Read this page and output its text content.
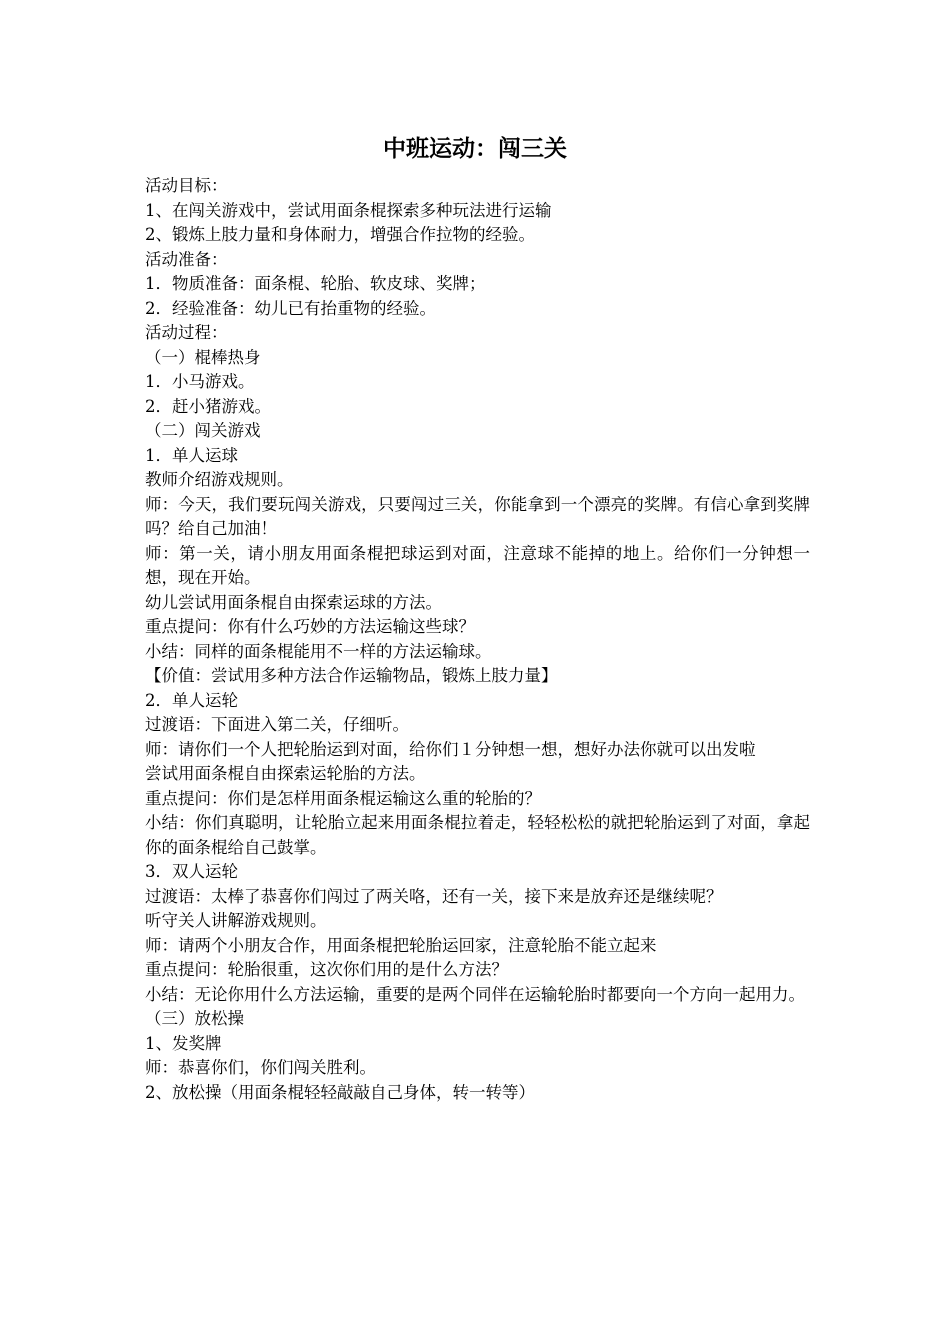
中班运动：闯三关

活动目标：

1、在闯关游戏中，尝试用面条棍探索多种玩法进行运输

2、锻炼上肢力量和身体耐力，增强合作拉物的经验。

活动准备：

1．物质准备：面条棍、轮胎、软皮球、奖牌；

2．经验准备：幼儿已有抬重物的经验。

活动过程：

（一）棍棒热身

1．小马游戏。

2．赶小猪游戏。

（二）闯关游戏

1．单人运球

教师介绍游戏规则。

师：今天，我们要玩闯关游戏，只要闯过三关，你能拿到一个漂亮的奖牌。有信心拿到奖牌吗？给自己加油！

师：第一关，请小朋友用面条棍把球运到对面，注意球不能掉的地上。给你们一分钟想一想，现在开始。

幼儿尝试用面条棍自由探索运球的方法。

重点提问：你有什么巧妙的方法运输这些球？

小结：同样的面条棍能用不一样的方法运输球。

【价值：尝试用多种方法合作运输物品，锻炼上肢力量】

2．单人运轮

过渡语：下面进入第二关，仔细听。

师：请你们一个人把轮胎运到对面，给你们１分钟想一想，想好办法你就可以出发啦

尝试用面条棍自由探索运轮胎的方法。

重点提问：你们是怎样用面条棍运输这么重的轮胎的？

小结：你们真聪明，让轮胎立起来用面条棍拉着走，轻轻松松的就把轮胎运到了对面，拿起你的面条棍给自己鼓掌。

3．双人运轮

过渡语：太棒了恭喜你们闯过了两关咯，还有一关，接下来是放弃还是继续呢？

听守关人讲解游戏规则。

师：请两个小朋友合作，用面条棍把轮胎运回家，注意轮胎不能立起来

重点提问：轮胎很重，这次你们用的是什么方法？

小结：无论你用什么方法运输，重要的是两个同伴在运输轮胎时都要向一个方向一起用力。

（三）放松操

1、发奖牌

师：恭喜你们，你们闯关胜利。

2、放松操（用面条棍轻轻敲敲自己身体，转一转等）
